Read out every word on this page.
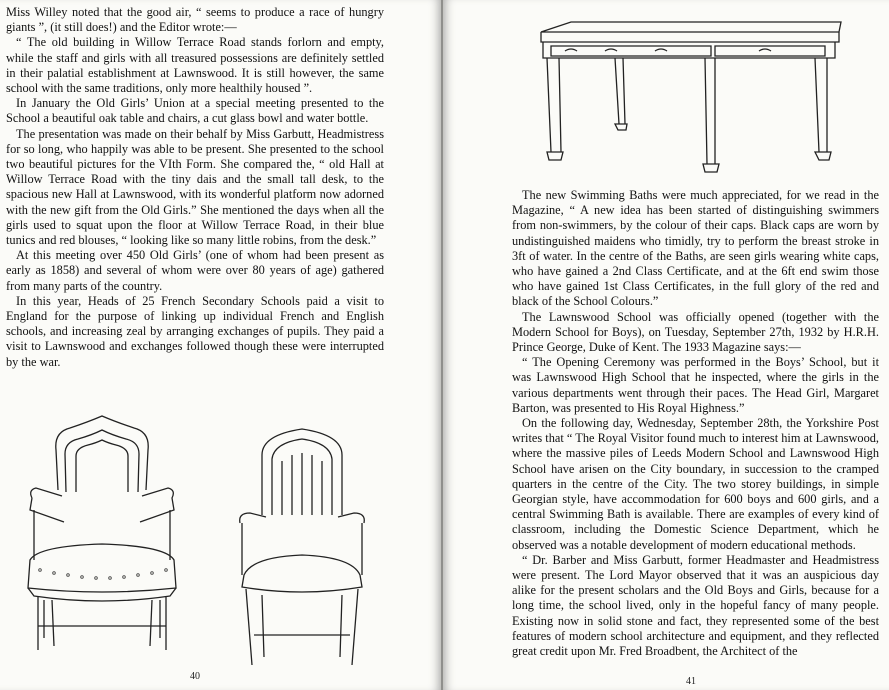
Miss Willey noted that the good air, “ seems to produce a race of hungry giants ”, (it still does!) and the Editor wrote:—

“ The old building in Willow Terrace Road stands forlorn and empty, while the staff and girls with all treasured possessions are definitely settled in their palatial establishment at Lawnswood. It is still however, the same school with the same traditions, only more healthily housed ”.

In January the Old Girls’ Union at a special meeting presented to the School a beautiful oak table and chairs, a cut glass bowl and water bottle.

The presentation was made on their behalf by Miss Garbutt, Headmistress for so long, who happily was able to be present. She presented to the school two beautiful pictures for the VIth Form. She compared the, “ old Hall at Willow Terrace Road with the tiny dais and the small tall desk, to the spacious new Hall at Lawnswood, with its wonderful platform now adorned with the new gift from the Old Girls.” She mentioned the days when all the girls used to squat upon the floor at Willow Terrace Road, in their blue tunics and red blouses, “ looking like so many little robins, from the desk.”

At this meeting over 450 Old Girls’ (one of whom had been present as early as 1858) and several of whom were over 80 years of age) gathered from many parts of the country.

In this year, Heads of 25 French Secondary Schools paid a visit to England for the purpose of linking up individual French and English schools, and increasing zeal by arranging exchanges of pupils. They paid a visit to Lawnswood and exchanges followed though these were interrupted by the war.

40	41

The new Swimming Baths were much appreciated, for we read in the Magazine, “ A new idea has been started of distinguishing swimmers from non-swimmers, by the colour of their caps. Black caps are worn by undistinguished maidens who timidly, try to perform the breast stroke in 3ft of water. In the centre of the Baths, are seen girls wearing white caps, who have gained a 2nd Class Certificate, and at the 6ft end swim those who have gained 1st Class Certificates, in the full glory of the red and black of the School Colours.”

The Lawnswood School was officially opened (together with the Modern School for Boys), on Tuesday, September 27th, 1932 by H.R.H. Prince George, Duke of Kent. The 1933 Magazine says:—

“ The Opening Ceremony was performed in the Boys’ School, but it was Lawnswood High School that he inspected, where the girls in the various departments went through their paces. The Head Girl, Margaret Barton, was presented to His Royal Highness.”

On the following day, Wednesday, September 28th, the Yorkshire Post writes that “ The Royal Visitor found much to interest him at Lawnswood, where the massive piles of Leeds Modern School and Lawnswood High School have arisen on the City boundary, in succession to the cramped quarters in the centre of the City. The two storey buildings, in simple Georgian style, have accommodation for 600 boys and 600 girls, and a central Swimming Bath is available. There are examples of every kind of classroom, including the Domestic Science Department, which he observed was a notable development of modern educational methods.

“ Dr. Barber and Miss Garbutt, former Headmaster and Headmistress were present. The Lord Mayor observed that it was an auspicious day alike for the present scholars and the Old Boys and Girls, because for a long time, the school lived, only in the hopeful fancy of many people. Existing now in solid stone and fact, they represented some of the best features of modern school architecture and equipment, and they reflected great credit upon Mr. Fred Broadbent, the Architect of the
